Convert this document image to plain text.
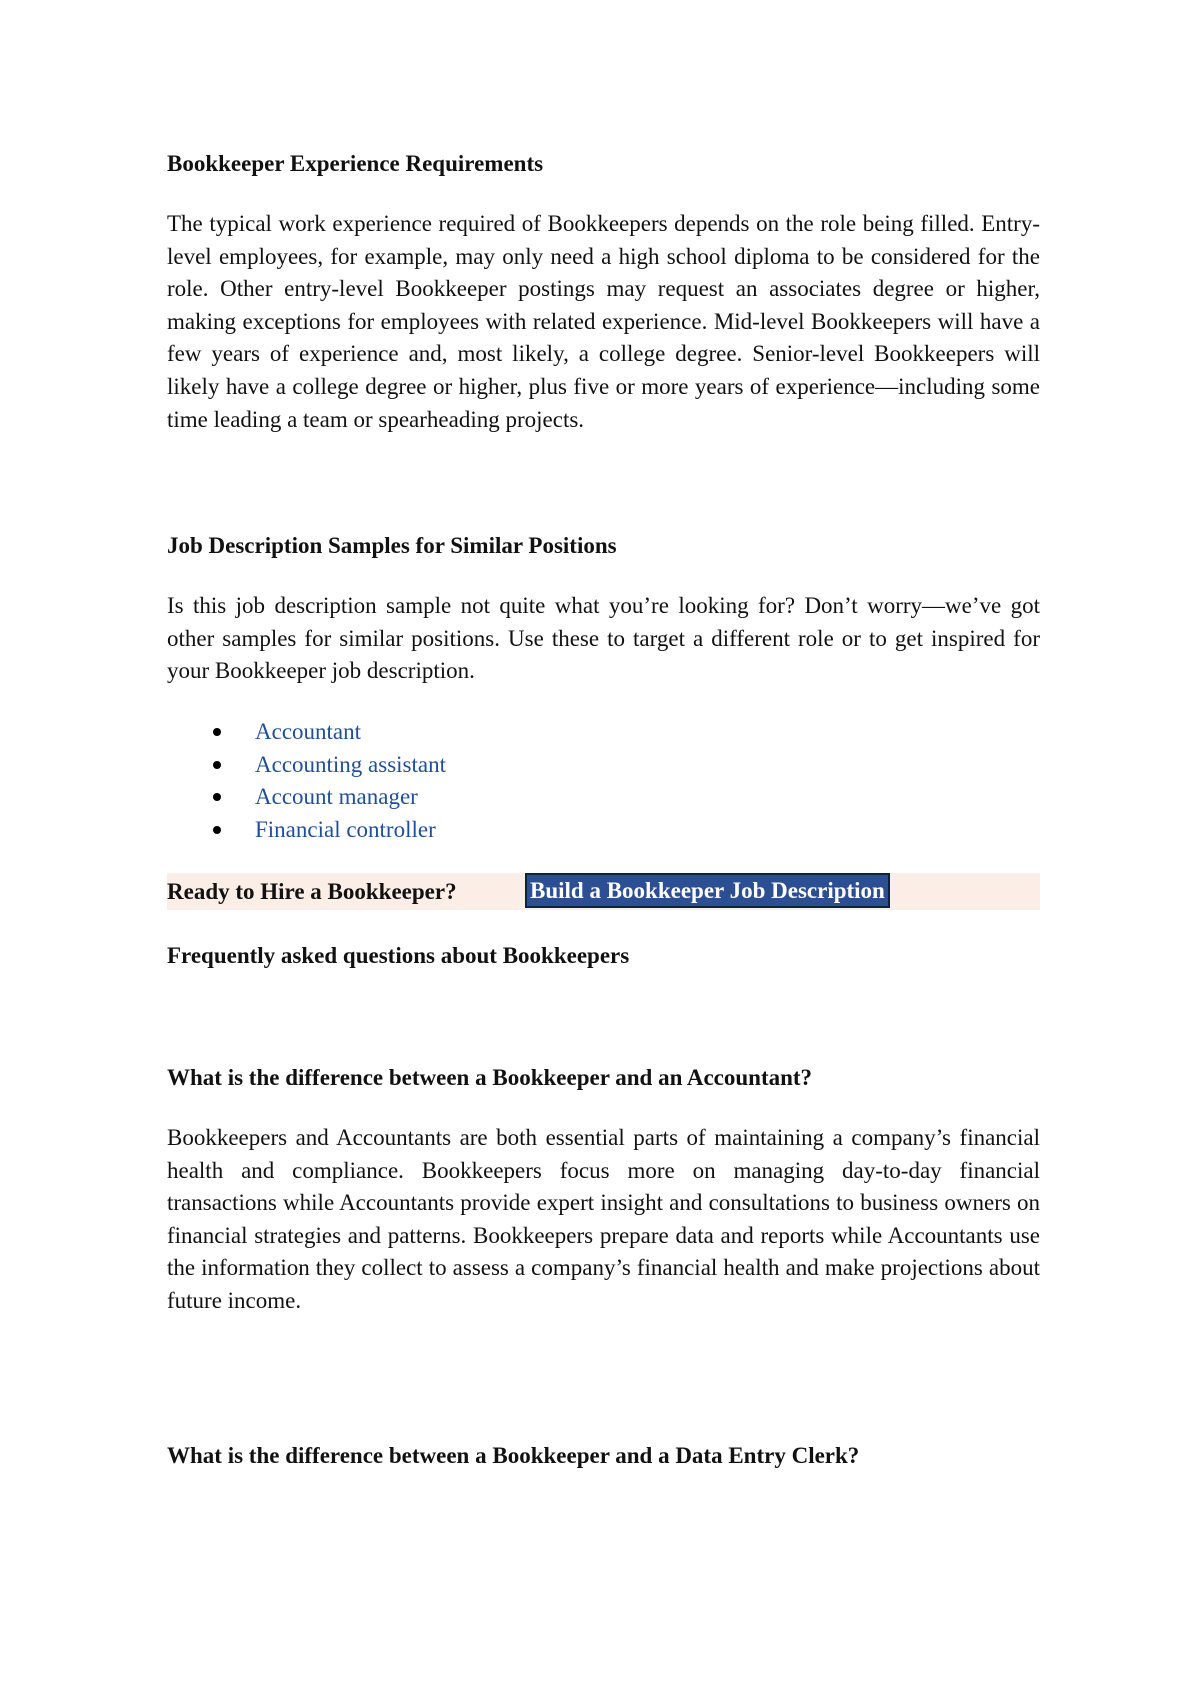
Bookkeeper Experience Requirements
The typical work experience required of Bookkeepers depends on the role being filled. Entry-level employees, for example, may only need a high school diploma to be considered for the role. Other entry-level Bookkeeper postings may request an associates degree or higher, making exceptions for employees with related experience. Mid-level Bookkeepers will have a few years of experience and, most likely, a college degree. Senior-level Bookkeepers will likely have a college degree or higher, plus five or more years of experience—including some time leading a team or spearheading projects.
Job Description Samples for Similar Positions
Is this job description sample not quite what you’re looking for? Don’t worry—we’ve got other samples for similar positions. Use these to target a different role or to get inspired for your Bookkeeper job description.
Accountant
Accounting assistant
Account manager
Financial controller
Ready to Hire a Bookkeeper?	Build a Bookkeeper Job Description
Frequently asked questions about Bookkeepers
What is the difference between a Bookkeeper and an Accountant?
Bookkeepers and Accountants are both essential parts of maintaining a company’s financial health and compliance. Bookkeepers focus more on managing day-to-day financial transactions while Accountants provide expert insight and consultations to business owners on financial strategies and patterns. Bookkeepers prepare data and reports while Accountants use the information they collect to assess a company’s financial health and make projections about future income.
What is the difference between a Bookkeeper and a Data Entry Clerk?
